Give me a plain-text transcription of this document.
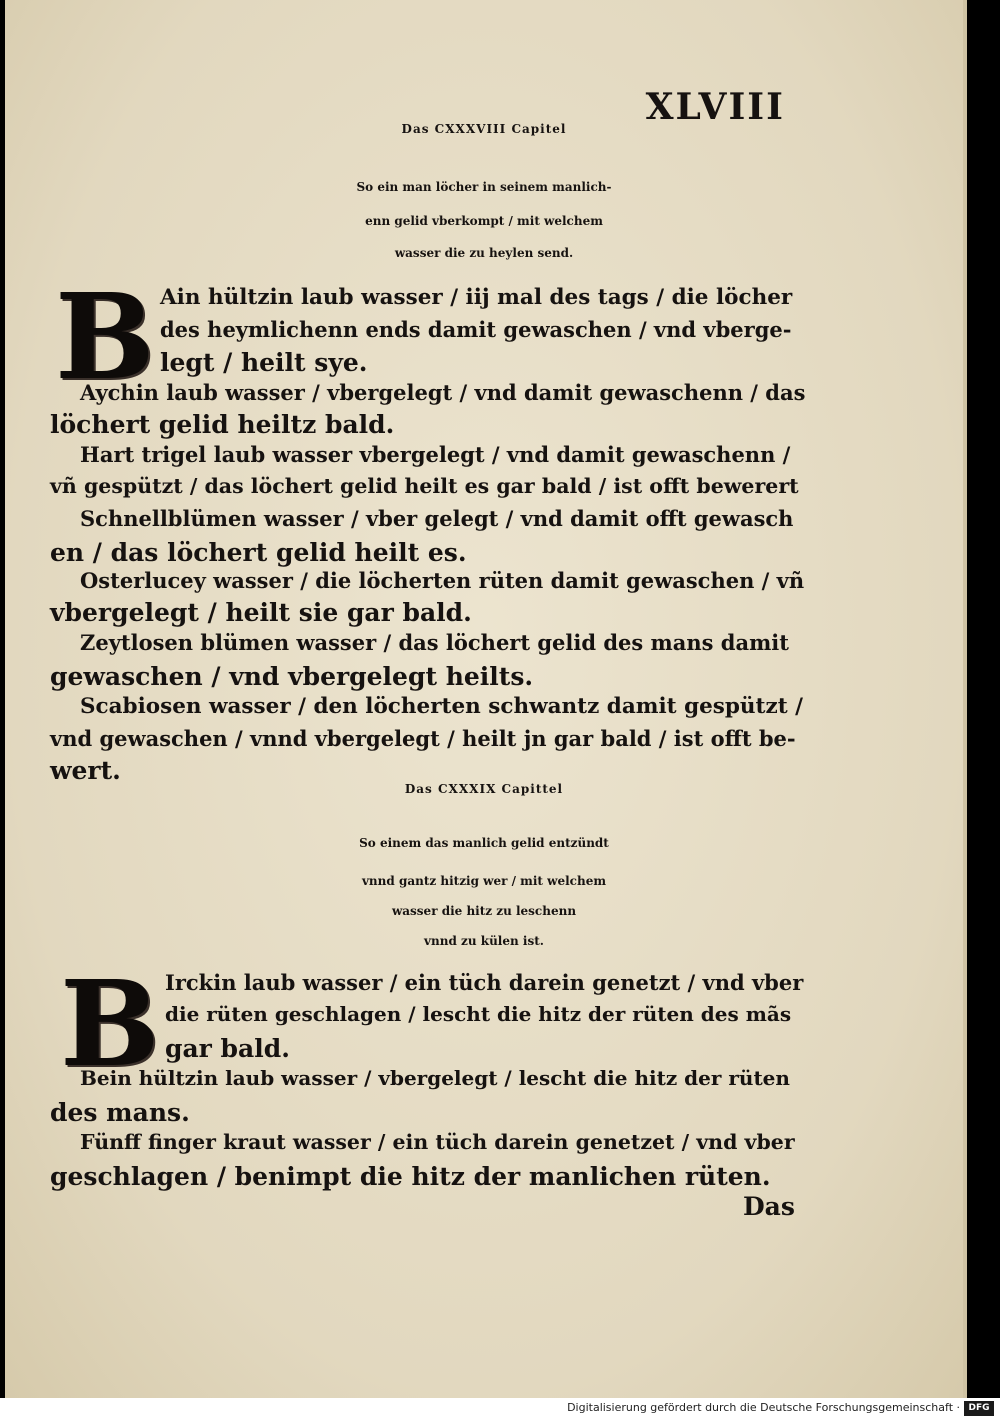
XLVIII
Das CXXXVIII Capitel
So ein man löcher in seinem manlich-
enn gelid vberkompt / mit welchem
wasser die zu heylen send.
B Ain hültzin laub wasser / iij mal des tags / die löcher
des heymlichenn ends damit gewaschen / vnd vberge-
legt / heilt sye.
Aychin laub wasser / vbergelegt / vnd damit gewaschenn / das
löchert gelid heiltz bald.
Hart trigel laub wasser vbergelegt / vnd damit gewaschenn /
vñ gespützt / das löchert gelid heilt es gar bald / ist offt bewerert
Schnellblümen wasser / vber gelegt / vnd damit offt gewasch
en / das löchert gelid heilt es.
Osterlucey wasser / die löcherten rüten damit gewaschen / vñ
vbergelegt / heilt sie gar bald.
Zeytlosen blümen wasser / das löchert gelid des mans damit
gewaschen / vnd vbergelegt heilts.
Scabiosen wasser / den löcherten schwantz damit gespützt /
vnd gewaschen / vnnd vbergelegt / heilt jn gar bald / ist offt be-
wert.
Das CXXXIX Capittel
So einem das manlich gelid entzündt
vnnd gantz hitzig wer / mit welchem
wasser die hitz zu leschenn
vnnd zu külen ist.
B Irckin laub wasser / ein tüch darein genetzt / vnd vber
die rüten geschlagen / lescht die hitz der rüten des mãs
gar bald.
Bein hültzin laub wasser / vbergelegt / lescht die hitz der rüten
des mans.
Fünff finger kraut wasser / ein tüch darein genetzet / vnd vber
geschlagen / benimpt die hitz der manlichen rüten.
Das
Digitalisierung gefördert durch die Deutsche Forschungsgemeinschaft · DFG
